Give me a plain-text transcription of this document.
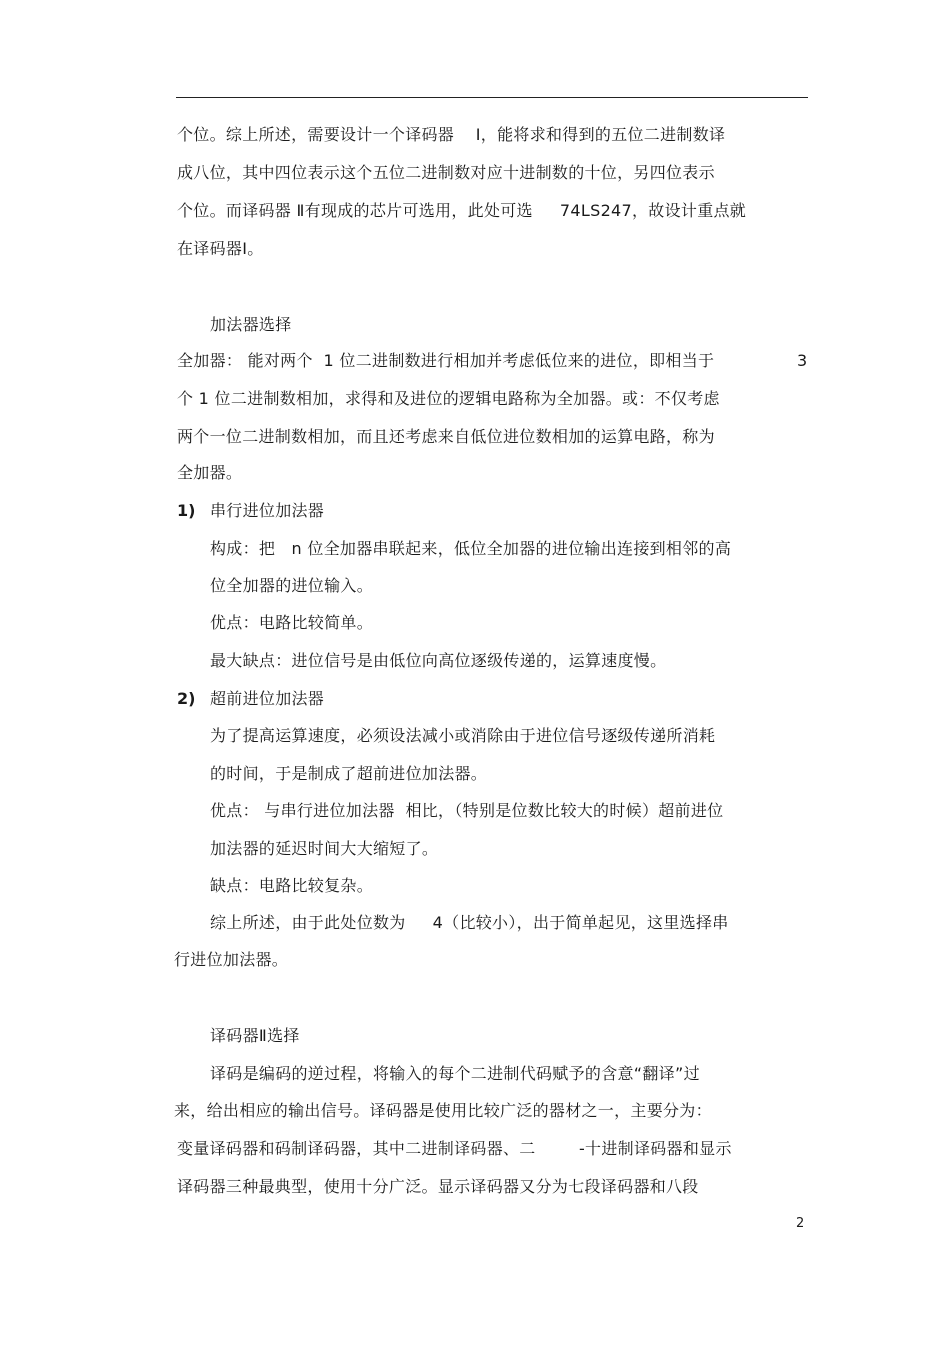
个位。综上所述，需要设计一个译码器　 Ⅰ，能将求和得到的五位二进制数译
成八位，其中四位表示这个五位二进制数对应十进制数的十位，另四位表示
个位。而译码器 Ⅱ有现成的芯片可选用，此处可选　  74LS247，故设计重点就
在译码器Ⅰ。
加法器选择
全加器： 能对两个  1 位二进制数进行相加并考虑低位来的进位，即相当于　	3
个 1 位二进制数相加，求得和及进位的逻辑电路称为全加器。或：不仅考虑
两个一位二进制数相加，而且还考虑来自低位进位数相加的运算电路，称为
全加器。
1) 串行进位加法器
构成：把　n 位全加器串联起来，低位全加器的进位输出连接到相邻的高
位全加器的进位输入。
优点：电路比较简单。
最大缺点：进位信号是由低位向高位逐级传递的，运算速度慢。
2) 超前进位加法器
为了提高运算速度，必须设法减小或消除由于进位信号逐级传递所消耗
的时间，于是制成了超前进位加法器。
优点： 与串行进位加法器  相比，（特别是位数比较大的时候）超前进位
加法器的延迟时间大大缩短了。
缺点：电路比较复杂。
综上所述，由于此处位数为　  4（比较小），出于简单起见，这里选择串
行进位加法器。
译码器Ⅱ选择
译码是编码的逆过程，将输入的每个二进制代码赋予的含意“翻译”过
来，给出相应的输出信号。译码器是使用比较广泛的器材之一，主要分为：
变量译码器和码制译码器，其中二进制译码器、二　　  -十进制译码器和显示
译码器三种最典型，使用十分广泛。显示译码器又分为七段译码器和八段
2
